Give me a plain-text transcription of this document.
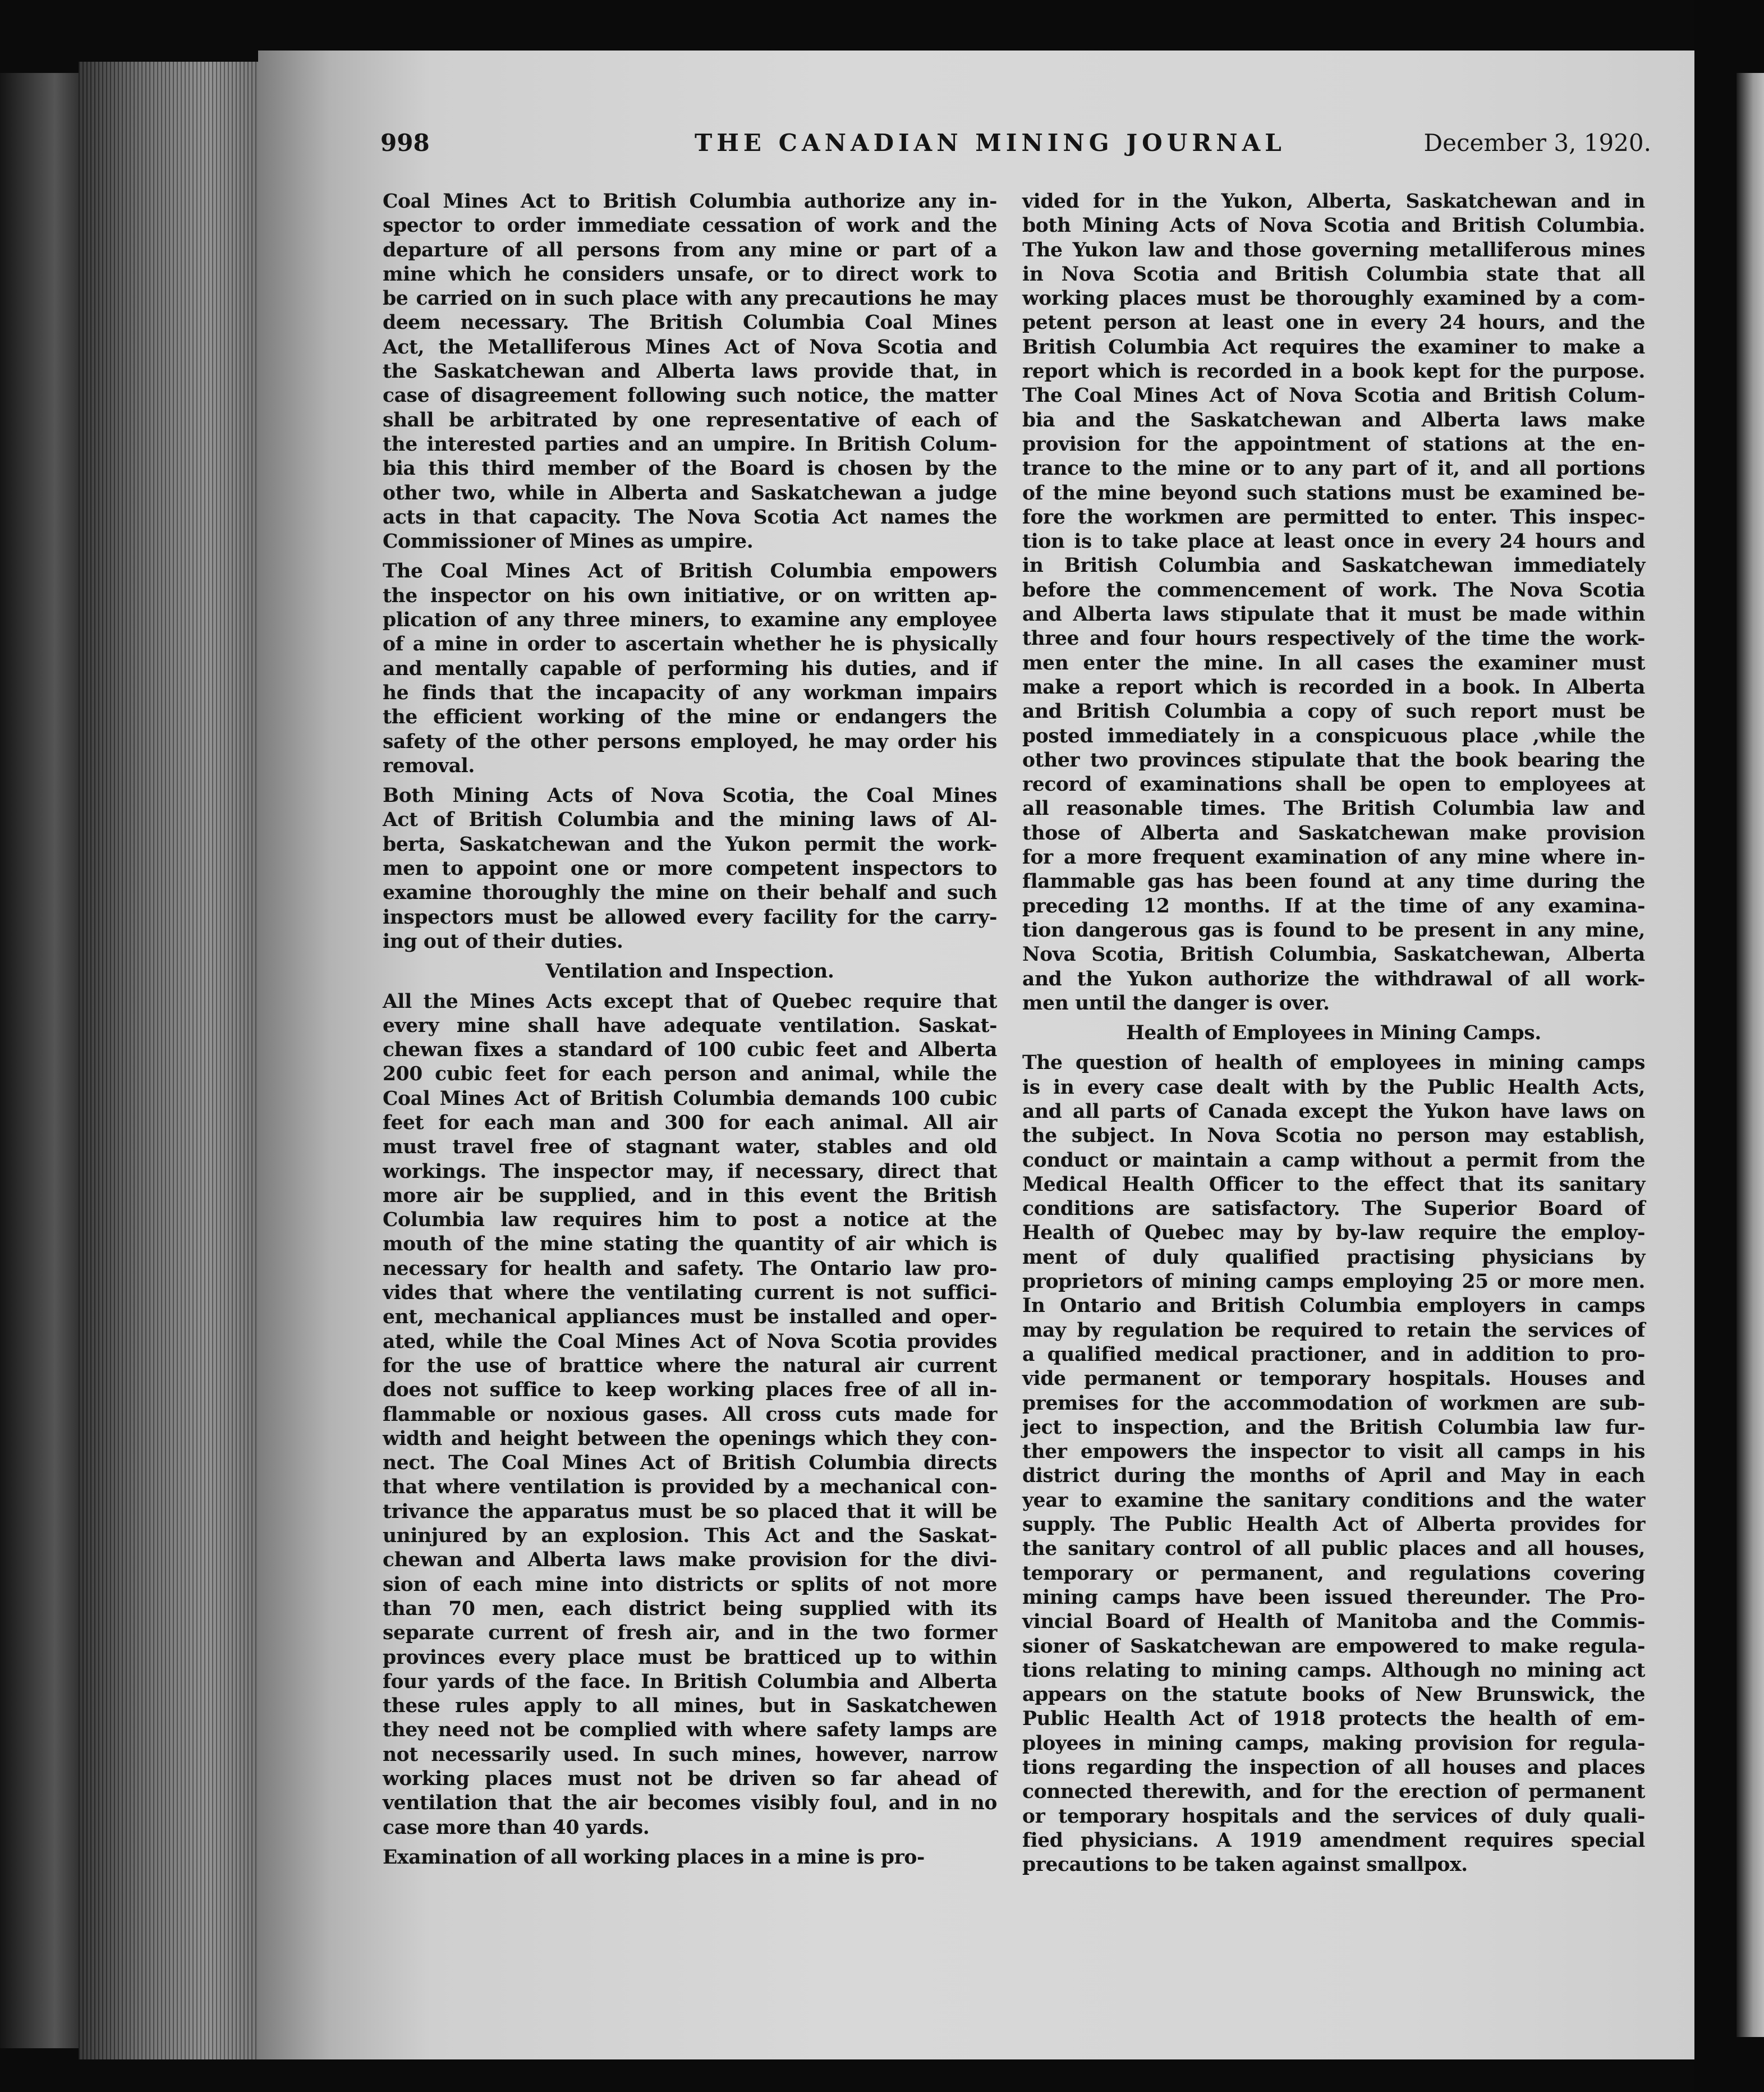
998	THE CANADIAN MINING JOURNAL	December 3, 1920.
Coal Mines Act to British Columbia authorize any in-
spector to order immediate cessation of work and the
departure of all persons from any mine or part of a
mine which he considers unsafe, or to direct work to
be carried on in such place with any precautions he may
deem necessary. The British Columbia Coal Mines
Act, the Metalliferous Mines Act of Nova Scotia and
the Saskatchewan and Alberta laws provide that, in
case of disagreement following such notice, the matter
shall be arbitrated by one representative of each of
the interested parties and an umpire. In British Colum-
bia this third member of the Board is chosen by the
other two, while in Alberta and Saskatchewan a judge
acts in that capacity. The Nova Scotia Act names the
Commissioner of Mines as umpire.
The Coal Mines Act of British Columbia empowers
the inspector on his own initiative, or on written ap-
plication of any three miners, to examine any employee
of a mine in order to ascertain whether he is physically
and mentally capable of performing his duties, and if
he finds that the incapacity of any workman impairs
the efficient working of the mine or endangers the
safety of the other persons employed, he may order his
removal.
Both Mining Acts of Nova Scotia, the Coal Mines
Act of British Columbia and the mining laws of Al-
berta, Saskatchewan and the Yukon permit the work-
men to appoint one or more competent inspectors to
examine thoroughly the mine on their behalf and such
inspectors must be allowed every facility for the carry-
ing out of their duties.
Ventilation and Inspection.
All the Mines Acts except that of Quebec require that
every mine shall have adequate ventilation. Saskat-
chewan fixes a standard of 100 cubic feet and Alberta
200 cubic feet for each person and animal, while the
Coal Mines Act of British Columbia demands 100 cubic
feet for each man and 300 for each animal. All air
must travel free of stagnant water, stables and old
workings. The inspector may, if necessary, direct that
more air be supplied, and in this event the British
Columbia law requires him to post a notice at the
mouth of the mine stating the quantity of air which is
necessary for health and safety. The Ontario law pro-
vides that where the ventilating current is not suffici-
ent, mechanical appliances must be installed and oper-
ated, while the Coal Mines Act of Nova Scotia provides
for the use of brattice where the natural air current
does not suffice to keep working places free of all in-
flammable or noxious gases. All cross cuts made for
width and height between the openings which they con-
nect. The Coal Mines Act of British Columbia directs
that where ventilation is provided by a mechanical con-
trivance the apparatus must be so placed that it will be
uninjured by an explosion. This Act and the Saskat-
chewan and Alberta laws make provision for the divi-
sion of each mine into districts or splits of not more
than 70 men, each district being supplied with its
separate current of fresh air, and in the two former
provinces every place must be bratticed up to within
four yards of the face. In British Columbia and Alberta
these rules apply to all mines, but in Saskatchewen
they need not be complied with where safety lamps are
not necessarily used. In such mines, however, narrow
working places must not be driven so far ahead of
ventilation that the air becomes visibly foul, and in no
case more than 40 yards.
Examination of all working places in a mine is pro-
vided for in the Yukon, Alberta, Saskatchewan and in
both Mining Acts of Nova Scotia and British Columbia.
The Yukon law and those governing metalliferous mines
in Nova Scotia and British Columbia state that all
working places must be thoroughly examined by a com-
petent person at least one in every 24 hours, and the
British Columbia Act requires the examiner to make a
report which is recorded in a book kept for the purpose.
The Coal Mines Act of Nova Scotia and British Colum-
bia and the Saskatchewan and Alberta laws make
provision for the appointment of stations at the en-
trance to the mine or to any part of it, and all portions
of the mine beyond such stations must be examined be-
fore the workmen are permitted to enter. This inspec-
tion is to take place at least once in every 24 hours and
in British Columbia and Saskatchewan immediately
before the commencement of work. The Nova Scotia
and Alberta laws stipulate that it must be made within
three and four hours respectively of the time the work-
men enter the mine. In all cases the examiner must
make a report which is recorded in a book. In Alberta
and British Columbia a copy of such report must be
posted immediately in a conspicuous place ,while the
other two provinces stipulate that the book bearing the
record of examinations shall be open to employees at
all reasonable times. The British Columbia law and
those of Alberta and Saskatchewan make provision
for a more frequent examination of any mine where in-
flammable gas has been found at any time during the
preceding 12 months. If at the time of any examina-
tion dangerous gas is found to be present in any mine,
Nova Scotia, British Columbia, Saskatchewan, Alberta
and the Yukon authorize the withdrawal of all work-
men until the danger is over.
Health of Employees in Mining Camps.
The question of health of employees in mining camps
is in every case dealt with by the Public Health Acts,
and all parts of Canada except the Yukon have laws on
the subject. In Nova Scotia no person may establish,
conduct or maintain a camp without a permit from the
Medical Health Officer to the effect that its sanitary
conditions are satisfactory. The Superior Board of
Health of Quebec may by by-law require the employ-
ment of duly qualified practising physicians by
proprietors of mining camps employing 25 or more men.
In Ontario and British Columbia employers in camps
may by regulation be required to retain the services of
a qualified medical practioner, and in addition to pro-
vide permanent or temporary hospitals. Houses and
premises for the accommodation of workmen are sub-
ject to inspection, and the British Columbia law fur-
ther empowers the inspector to visit all camps in his
district during the months of April and May in each
year to examine the sanitary conditions and the water
supply. The Public Health Act of Alberta provides for
the sanitary control of all public places and all houses,
temporary or permanent, and regulations covering
mining camps have been issued thereunder. The Pro-
vincial Board of Health of Manitoba and the Commis-
sioner of Saskatchewan are empowered to make regula-
tions relating to mining camps. Although no mining act
appears on the statute books of New Brunswick, the
Public Health Act of 1918 protects the health of em-
ployees in mining camps, making provision for regula-
tions regarding the inspection of all houses and places
connected therewith, and for the erection of permanent
or temporary hospitals and the services of duly quali-
fied physicians. A 1919 amendment requires special
precautions to be taken against smallpox.
